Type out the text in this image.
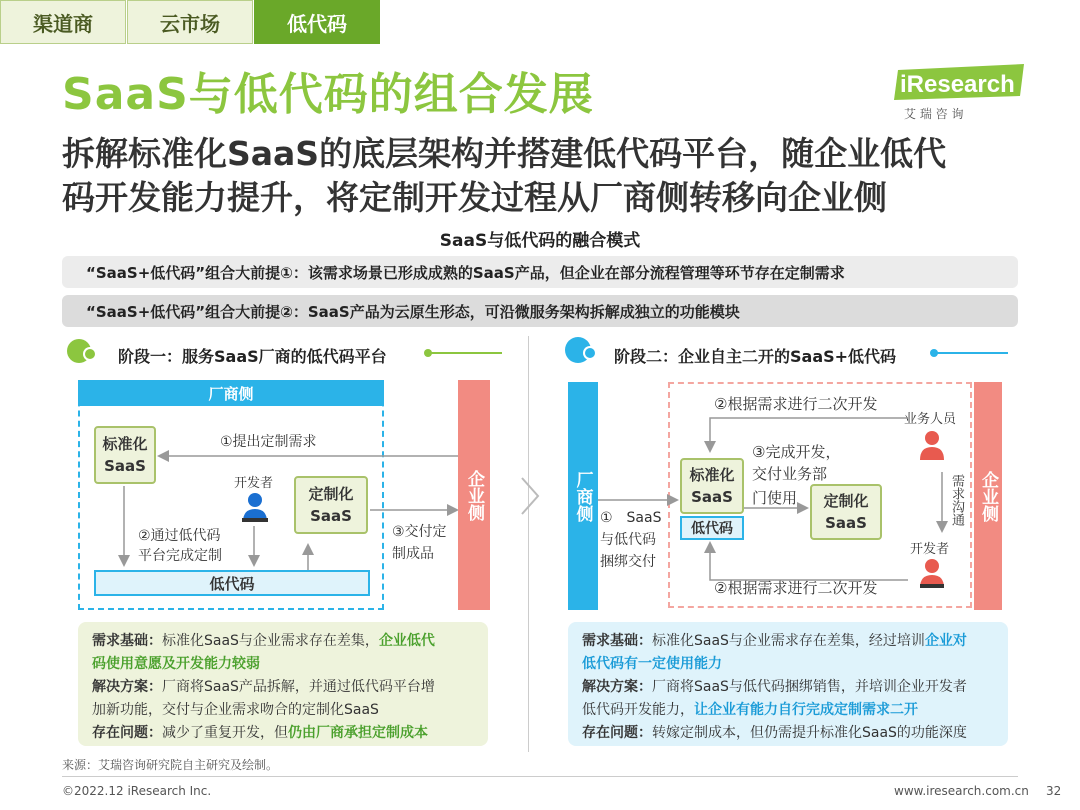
渠道商	云市场	低代码
SaaS与低代码的组合发展	iResearch
艾 瑞 咨 询
拆解标准化SaaS的底层架构并搭建低代码平台，随企业低代
码开发能力提升，将定制开发过程从厂商侧转移向企业侧
SaaS与低代码的融合模式
“SaaS+低代码”组合大前提①：该需求场景已形成成熟的SaaS产品，但企业在部分流程管理等环节存在定制需求
“SaaS+低代码”组合大前提②：SaaS产品为云原生形态，可沿微服务架构拆解成独立的功能模块
阶段一：服务SaaS厂商的低代码平台
厂商侧
标准化 SaaS
①提出定制需求
开发者
定制化 SaaS
②通过低代码
平台完成定制
③交付定
制成品
低代码
企业侧
需求基础：标准化SaaS与企业需求存在差集，企业低代
码使用意愿及开发能力较弱
解决方案：厂商将SaaS产品拆解，并通过低代码平台增
加新功能，交付与企业需求吻合的定制化SaaS
存在问题：减少了重复开发，但仍由厂商承担定制成本
阶段二：企业自主二开的SaaS+低代码
厂商侧	企业侧
②根据需求进行二次开发
业务人员
③完成开发，
交付业务部
门使用
标准化 SaaS
低代码
定制化 SaaS	需求沟通
开发者
①　SaaS
与低代码
捆绑交付
②根据需求进行二次开发
需求基础：标准化SaaS与企业需求存在差集，经过培训企业对
低代码有一定使用能力
解决方案：厂商将SaaS与低代码捆绑销售，并培训企业开发者
低代码开发能力，让企业有能力自行完成定制需求二开
存在问题：转嫁定制成本，但仍需提升标准化SaaS的功能深度
来源：艾瑞咨询研究院自主研究及绘制。
©2022.12 iResearch Inc.	www.iresearch.com.cn 32
